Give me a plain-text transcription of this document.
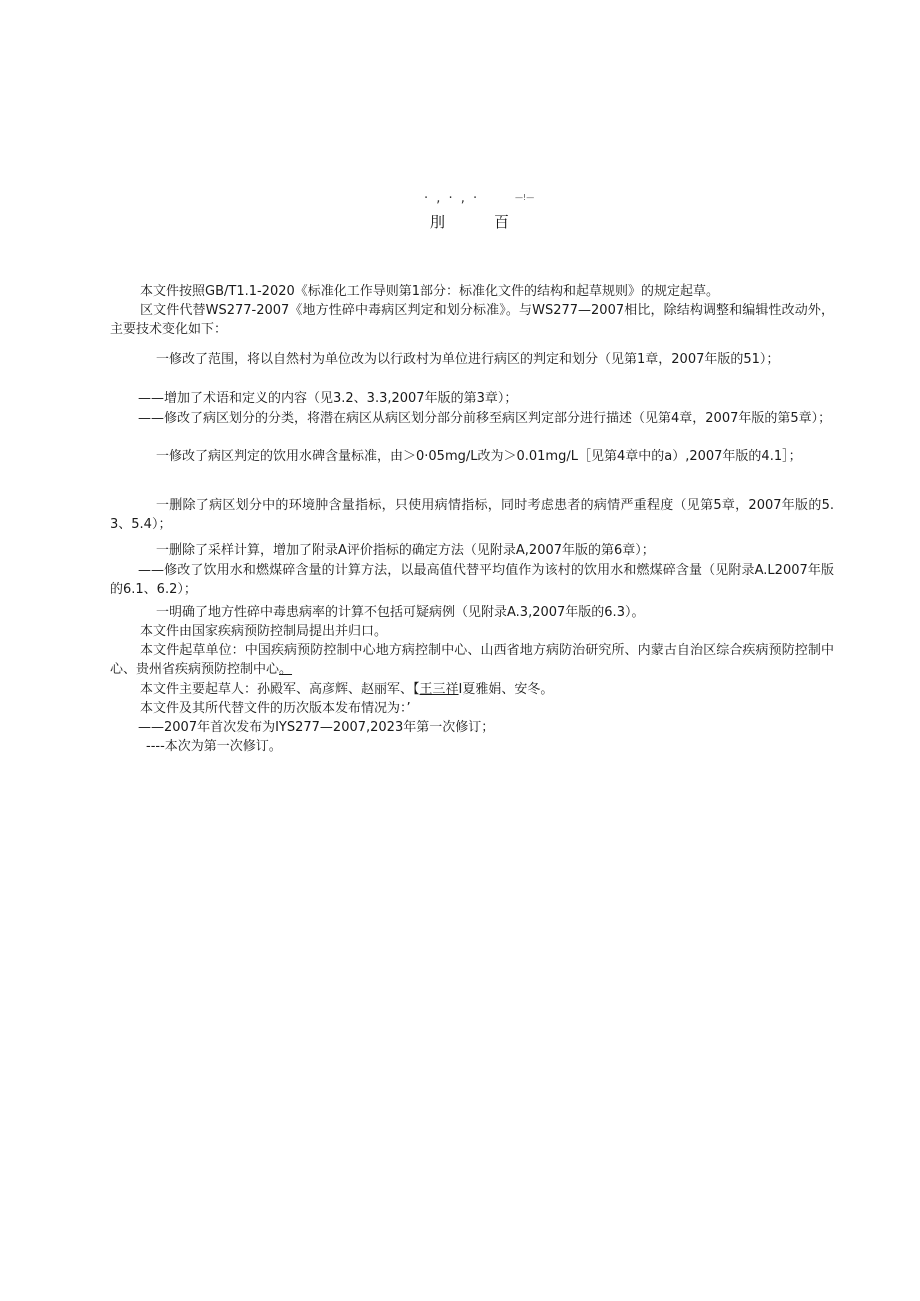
· , · , ·	—!—
刖	百
本文件按照GB/T1.1-2020《标准化工作导则第1部分：标准化文件的结构和起草规则》的规定起草。
区文件代替WS277-2007《地方性碎中毒病区判定和划分标准》。与WS277—2007相比，除结构调整和编辑性改动外，主要技术变化如下：
一修改了范围，将以自然村为单位改为以行政村为单位进行病区的判定和划分（见第1章，2007年版的51）；
——增加了术语和定义的内容（见3.2、3.3,2007年版的第3章）；
——修改了病区划分的分类，将潜在病区从病区划分部分前移至病区判定部分进行描述（见第4章，2007年版的第5章）；
一修改了病区判定的饮用水碑含量标准，由＞0·05mg∕L改为＞0.01mg∕L［见第4章中的a）,2007年版的4.1］；
一删除了病区划分中的环境肿含量指标，只使用病情指标，同时考虑患者的病情严重程度（见第5章，2007年版的5.3、5.4）；
一删除了采样计算，增加了附录A评价指标的确定方法（见附录A,2007年版的第6章）；
——修改了饮用水和燃煤碎含量的计算方法，以最高值代替平均值作为该村的饮用水和燃煤碎含量（见附录A.L2007年版的6.1、6.2）；
一明确了地方性碎中毒患病率的计算不包括可疑病例（见附录A.3,2007年版的6.3）。
本文件由国家疾病预防控制局提出并归口。
本文件起草单位：中国疾病预防控制中心地方病控制中心、山西省地方病防治研究所、内蒙古自治区综合疾病预防控制中心、贵州省疾病预防控制中心。
本文件主要起草人：孙殿军、高彦辉、赵丽军、【王三祥I夏雅娟、安冬。
本文件及其所代替文件的历次版本发布情况为：’
——2007年首次发布为IYS277—2007,2023年第一次修订；
----本次为第一次修订。
